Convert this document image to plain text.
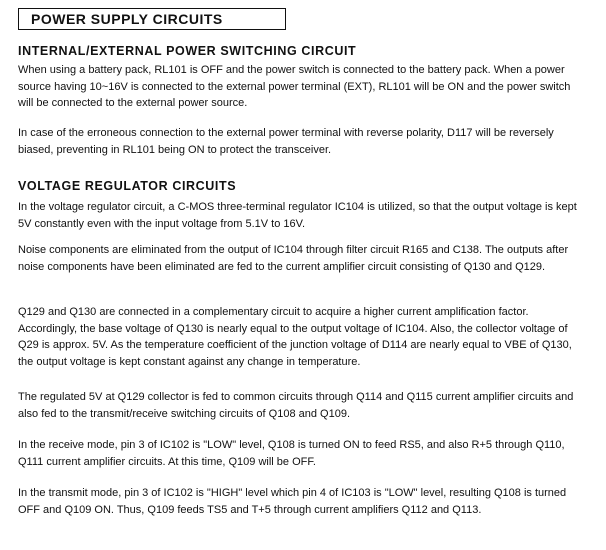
POWER SUPPLY CIRCUITS
INTERNAL/EXTERNAL POWER SWITCHING CIRCUIT

When using a battery pack, RL101 is OFF and the power switch is connected to the battery pack. When a power source having 10~16V is connected to the external power terminal (EXT), RL101 will be ON and the power switch will be connected to the external power source.

In case of the erroneous connection to the external power terminal with reverse polarity, D117 will be reversely biased, preventing in RL101 being ON to protect the transceiver.

VOLTAGE REGULATOR CIRCUITS

In the voltage regulator circuit, a C-MOS three-terminal regulator IC104 is utilized, so that the output voltage is kept 5V constantly even with the input voltage from 5.1V to 16V.

Noise components are eliminated from the output of IC104 through filter circuit R165 and C138. The outputs after noise components have been eliminated are fed to the current amplifier circuit consisting of Q130 and Q129.

Q129 and Q130 are connected in a complementary circuit to acquire a higher current amplification factor. Accordingly, the base voltage of Q130 is nearly equal to the output voltage of IC104. Also, the collector voltage of Q29 is approx. 5V. As the temperature coefficient of the junction voltage of D114 are nearly equal to VBE of Q130, the output voltage is kept constant against any change in temperature.

The regulated 5V at Q129 collector is fed to common circuits through Q114 and Q115 current amplifier circuits and also fed to the transmit/receive switching circuits of Q108 and Q109.

In the receive mode, pin 3 of IC102 is "LOW" level, Q108 is turned ON to feed RS5, and also R+5 through Q110, Q111 current amplifier circuits. At this time, Q109 will be OFF.

In the transmit mode, pin 3 of IC102 is "HIGH" level which pin 4 of IC103 is "LOW" level, resulting Q108 is turned OFF and Q109 ON. Thus, Q109 feeds TS5 and T+5 through current amplifiers Q112 and Q113.
